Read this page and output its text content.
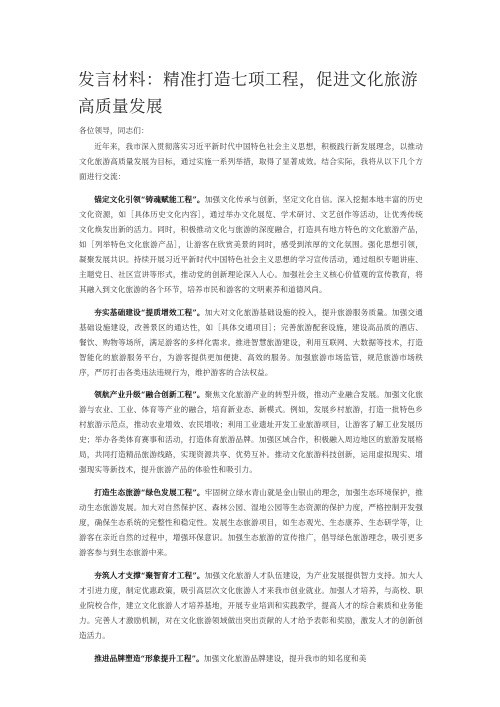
发言材料：精准打造七项工程，促进文化旅游高质量发展

各位领导，同志们：

近年来，我市深入贯彻落实习近平新时代中国特色社会主义思想，积极践行新发展理念，以推动文化旅游高质量发展为目标，通过实施一系列举措，取得了显著成效。结合实际，我将从以下几个方面进行交流：

锚定文化引领“铸魂赋能工程”。加强文化传承与创新，坚定文化自信。深入挖掘本地丰富的历史文化资源，如［具体历史文化内容］，通过举办文化展览、学术研讨、文艺创作等活动，让优秀传统文化焕发出新的活力。同时，积极推动文化与旅游的深度融合，打造具有地方特色的文化旅游产品，如［列举特色文化旅游产品］，让游客在欣赏美景的同时，感受到浓厚的文化氛围。强化思想引领，凝聚发展共识。持续开展习近平新时代中国特色社会主义思想的学习宣传活动，通过组织专题讲座、主题党日、社区宣讲等形式，推动党的创新理论深入人心。加强社会主义核心价值观的宣传教育，将其融入到文化旅游的各个环节，培养市民和游客的文明素养和道德风尚。

夯实基础建设“提质增效工程”。加大对文化旅游基础设施的投入，提升旅游服务质量。加强交通基础设施建设，改善景区的通达性，如［具体交通项目］；完善旅游配套设施，建设高品质的酒店、餐饮、购物等场所，满足游客的多样化需求。推进智慧旅游建设，利用互联网、大数据等技术，打造智能化的旅游服务平台，为游客提供更加便捷、高效的服务。加强旅游市场监管，规范旅游市场秩序，严厉打击各类违法违规行为，维护游客的合法权益。

领航产业升级“融合创新工程”。聚焦文化旅游产业的转型升级，推动产业融合发展。加强文化旅游与农业、工业、体育等产业的融合，培育新业态、新模式。例如，发展乡村旅游，打造一批特色乡村旅游示范点，推动农业增效、农民增收；利用工业遗址开发工业旅游项目，让游客了解工业发展历史；举办各类体育赛事和活动，打造体育旅游品牌。加强区域合作，积极融入周边地区的旅游发展格局，共同打造精品旅游线路，实现资源共享、优势互补。推动文化旅游科技创新，运用虚拟现实、增强现实等新技术，提升旅游产品的体验性和吸引力。

打造生态旅游“绿色发展工程”。牢固树立绿水青山就是金山银山的理念，加强生态环境保护，推动生态旅游发展。加大对自然保护区、森林公园、湿地公园等生态资源的保护力度，严格控制开发强度，确保生态系统的完整性和稳定性。发展生态旅游项目，如生态观光、生态康养、生态研学等，让游客在亲近自然的过程中，增强环保意识。加强生态旅游的宣传推广，倡导绿色旅游理念，吸引更多游客参与到生态旅游中来。

夯筑人才支撑“聚智育才工程”。加强文化旅游人才队伍建设，为产业发展提供智力支持。加大人才引进力度，制定优惠政策，吸引高层次文化旅游人才来我市创业就业。加强人才培养，与高校、职业院校合作，建立文化旅游人才培养基地，开展专业培训和实践教学，提高人才的综合素质和业务能力。完善人才激励机制，对在文化旅游领域做出突出贡献的人才给予表彰和奖励，激发人才的创新创造活力。

推进品牌塑造“形象提升工程”。加强文化旅游品牌建设，提升我市的知名度和美
